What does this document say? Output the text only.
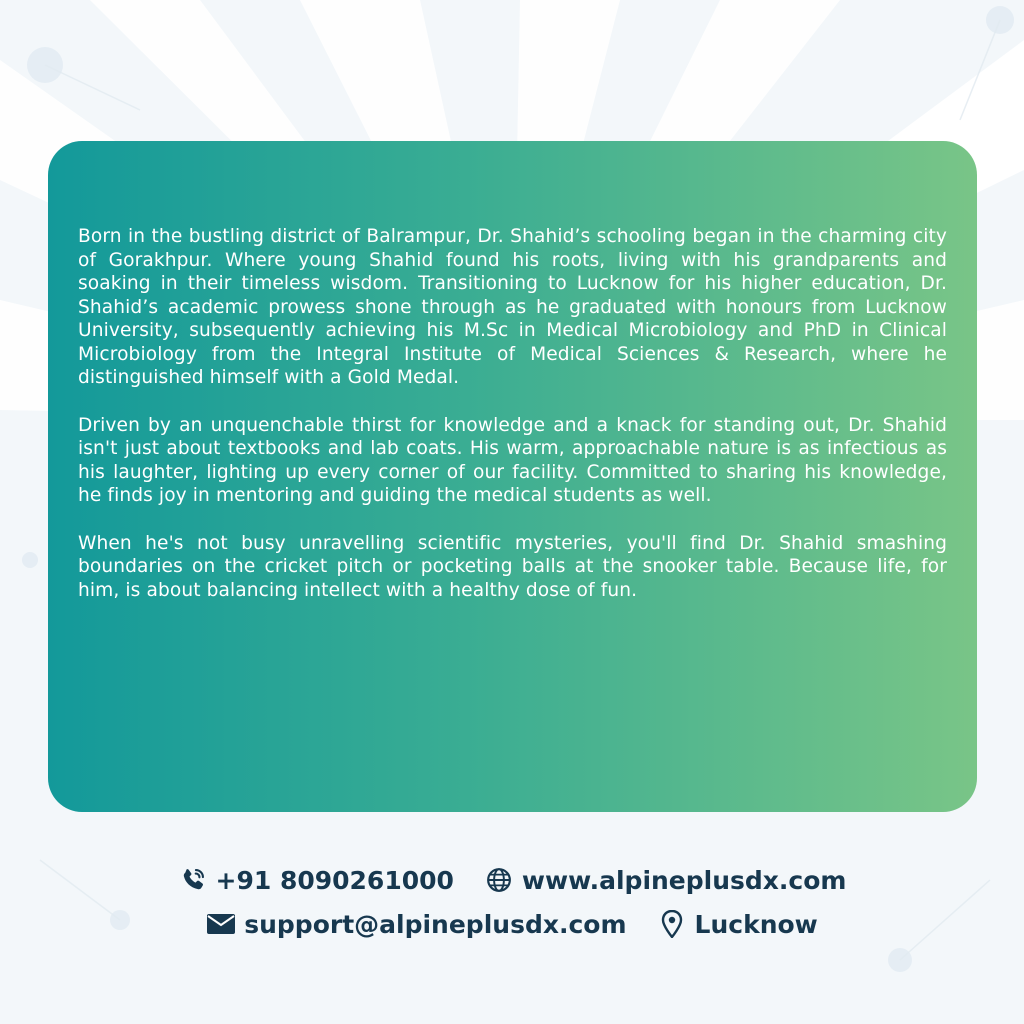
Born in the bustling district of Balrampur, Dr. Shahid’s schooling began in the charming city of Gorakhpur. Where young Shahid found his roots, living with his grandparents and soaking in their timeless wisdom. Transitioning to Lucknow for his higher education, Dr. Shahid’s academic prowess shone through as he graduated with honours from Lucknow University, subsequently achieving his M.Sc in Medical Microbiology and PhD in Clinical Microbiology from the Integral Institute of Medical Sciences & Research, where he distinguished himself with a Gold Medal.

Driven by an unquenchable thirst for knowledge and a knack for standing out, Dr. Shahid isn't just about textbooks and lab coats. His warm, approachable nature is as infectious as his laughter, lighting up every corner of our facility. Committed to sharing his knowledge, he finds joy in mentoring and guiding the medical students as well.

When he's not busy unravelling scientific mysteries, you'll find Dr. Shahid smashing boundaries on the cricket pitch or pocketing balls at the snooker table. Because life, for him, is about balancing intellect with a healthy dose of fun.

+91 8090261000	www.alpineplusdx.com
support@alpineplusdx.com	Lucknow
